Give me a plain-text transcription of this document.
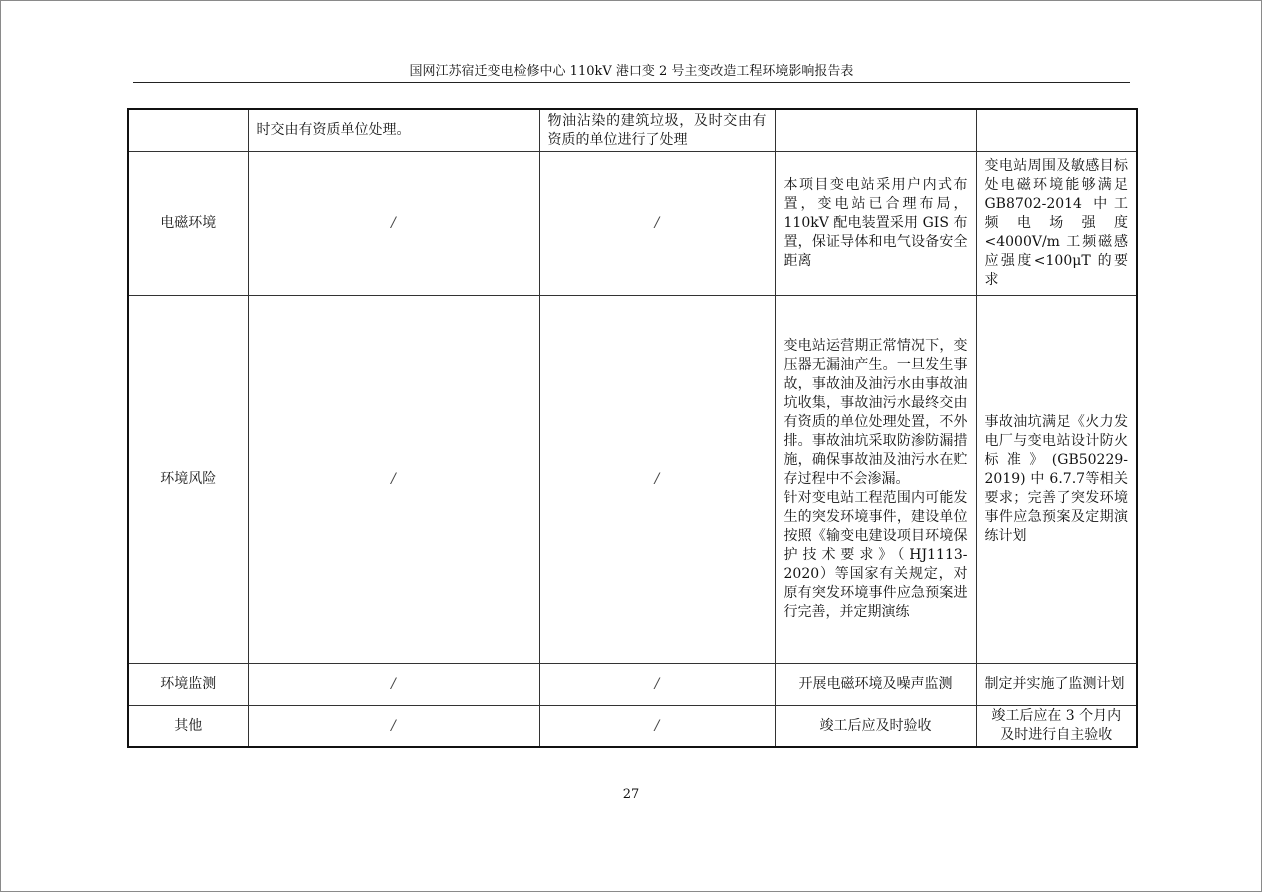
国网江苏宿迁变电检修中心 110kV 港口变 2 号主变改造工程环境影响报告表
	时交由有资质单位处理。	物油沾染的建筑垃圾，及时交由有资质的单位进行了处理		
电磁环境	/	/	本项目变电站采用户内式布置，变电站已合理布局，110kV 配电装置采用 GIS 布置，保证导体和电气设备安全距离	变电站周围及敏感目标处电磁环境能够满足 GB8702-2014 中工频电场强度<4000V/m 工频磁感应强度<100μT 的要求
环境风险	/	/	变电站运营期正常情况下，变压器无漏油产生。一旦发生事故，事故油及油污水由事故油坑收集，事故油污水最终交由有资质的单位处理处置，不外排。事故油坑采取防渗防漏措施，确保事故油及油污水在贮存过程中不会渗漏。
针对变电站工程范围内可能发生的突发环境事件，建设单位按照《输变电建设项目环境保护技术要求》（HJ1113-2020）等国家有关规定，对原有突发环境事件应急预案进行完善，并定期演练	事故油坑满足《火力发电厂与变电站设计防火标准》(GB50229-2019) 中 6.7.7等相关要求；完善了突发环境事件应急预案及定期演练计划
环境监测	/	/	开展电磁环境及噪声监测	制定并实施了监测计划
其他	/	/	竣工后应及时验收	竣工后应在 3 个月内及时进行自主验收
27
